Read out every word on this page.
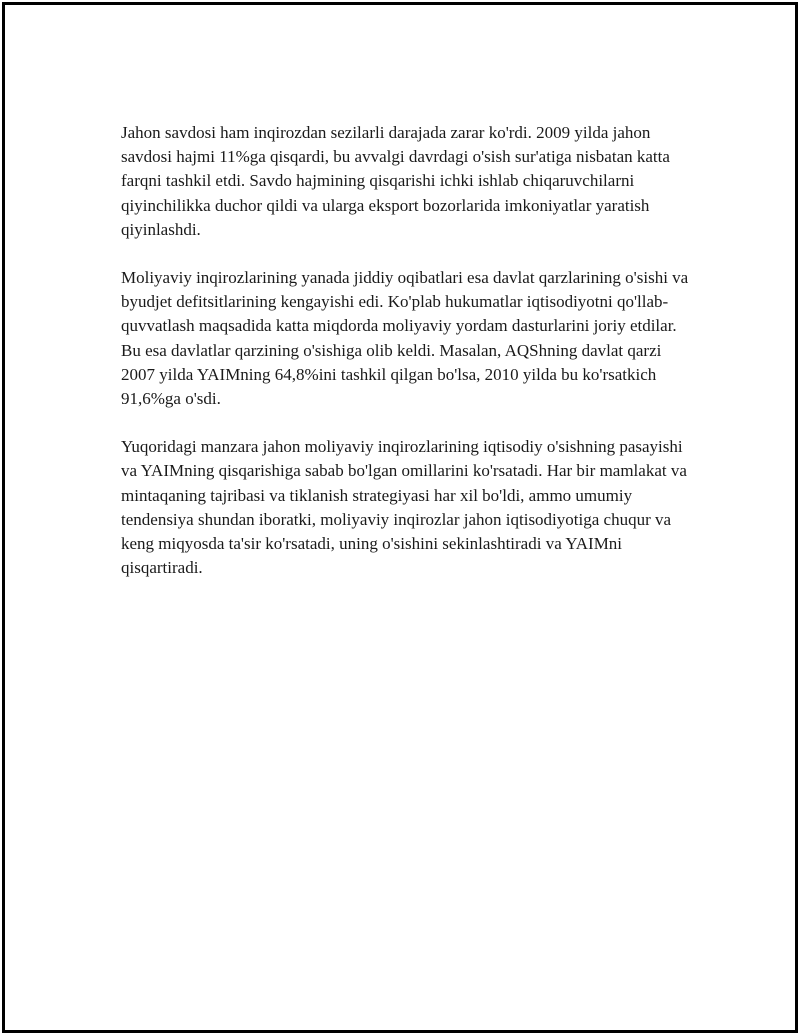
Jahon savdosi ham inqirozdan sezilarli darajada zarar ko'rdi. 2009 yilda jahon savdosi hajmi 11%ga qisqardi, bu avvalgi davrdagi o'sish sur'atiga nisbatan katta farqni tashkil etdi. Savdo hajmining qisqarishi ichki ishlab chiqaruvchilarni qiyinchilikka duchor qildi va ularga eksport bozorlarida imkoniyatlar yaratish qiyinlashdi.

Moliyaviy inqirozlarining yanada jiddiy oqibatlari esa davlat qarzlarining o'sishi va byudjet defitsitlarining kengayishi edi. Ko'plab hukumatlar iqtisodiyotni qo'llab-quvvatlash maqsadida katta miqdorda moliyaviy yordam dasturlarini joriy etdilar. Bu esa davlatlar qarzining o'sishiga olib keldi. Masalan, AQShning davlat qarzi 2007 yilda YAIMning 64,8%ini tashkil qilgan bo'lsa, 2010 yilda bu ko'rsatkich 91,6%ga o'sdi.

Yuqoridagi manzara jahon moliyaviy inqirozlarining iqtisodiy o'sishning pasayishi va YAIMning qisqarishiga sabab bo'lgan omillarini ko'rsatadi. Har bir mamlakat va mintaqaning tajribasi va tiklanish strategiyasi har xil bo'ldi, ammo umumiy tendensiya shundan iboratki, moliyaviy inqirozlar jahon iqtisodiyotiga chuqur va keng miqyosda ta'sir ko'rsatadi, uning o'sishini sekinlashtiradi va YAIMni qisqartiradi.
